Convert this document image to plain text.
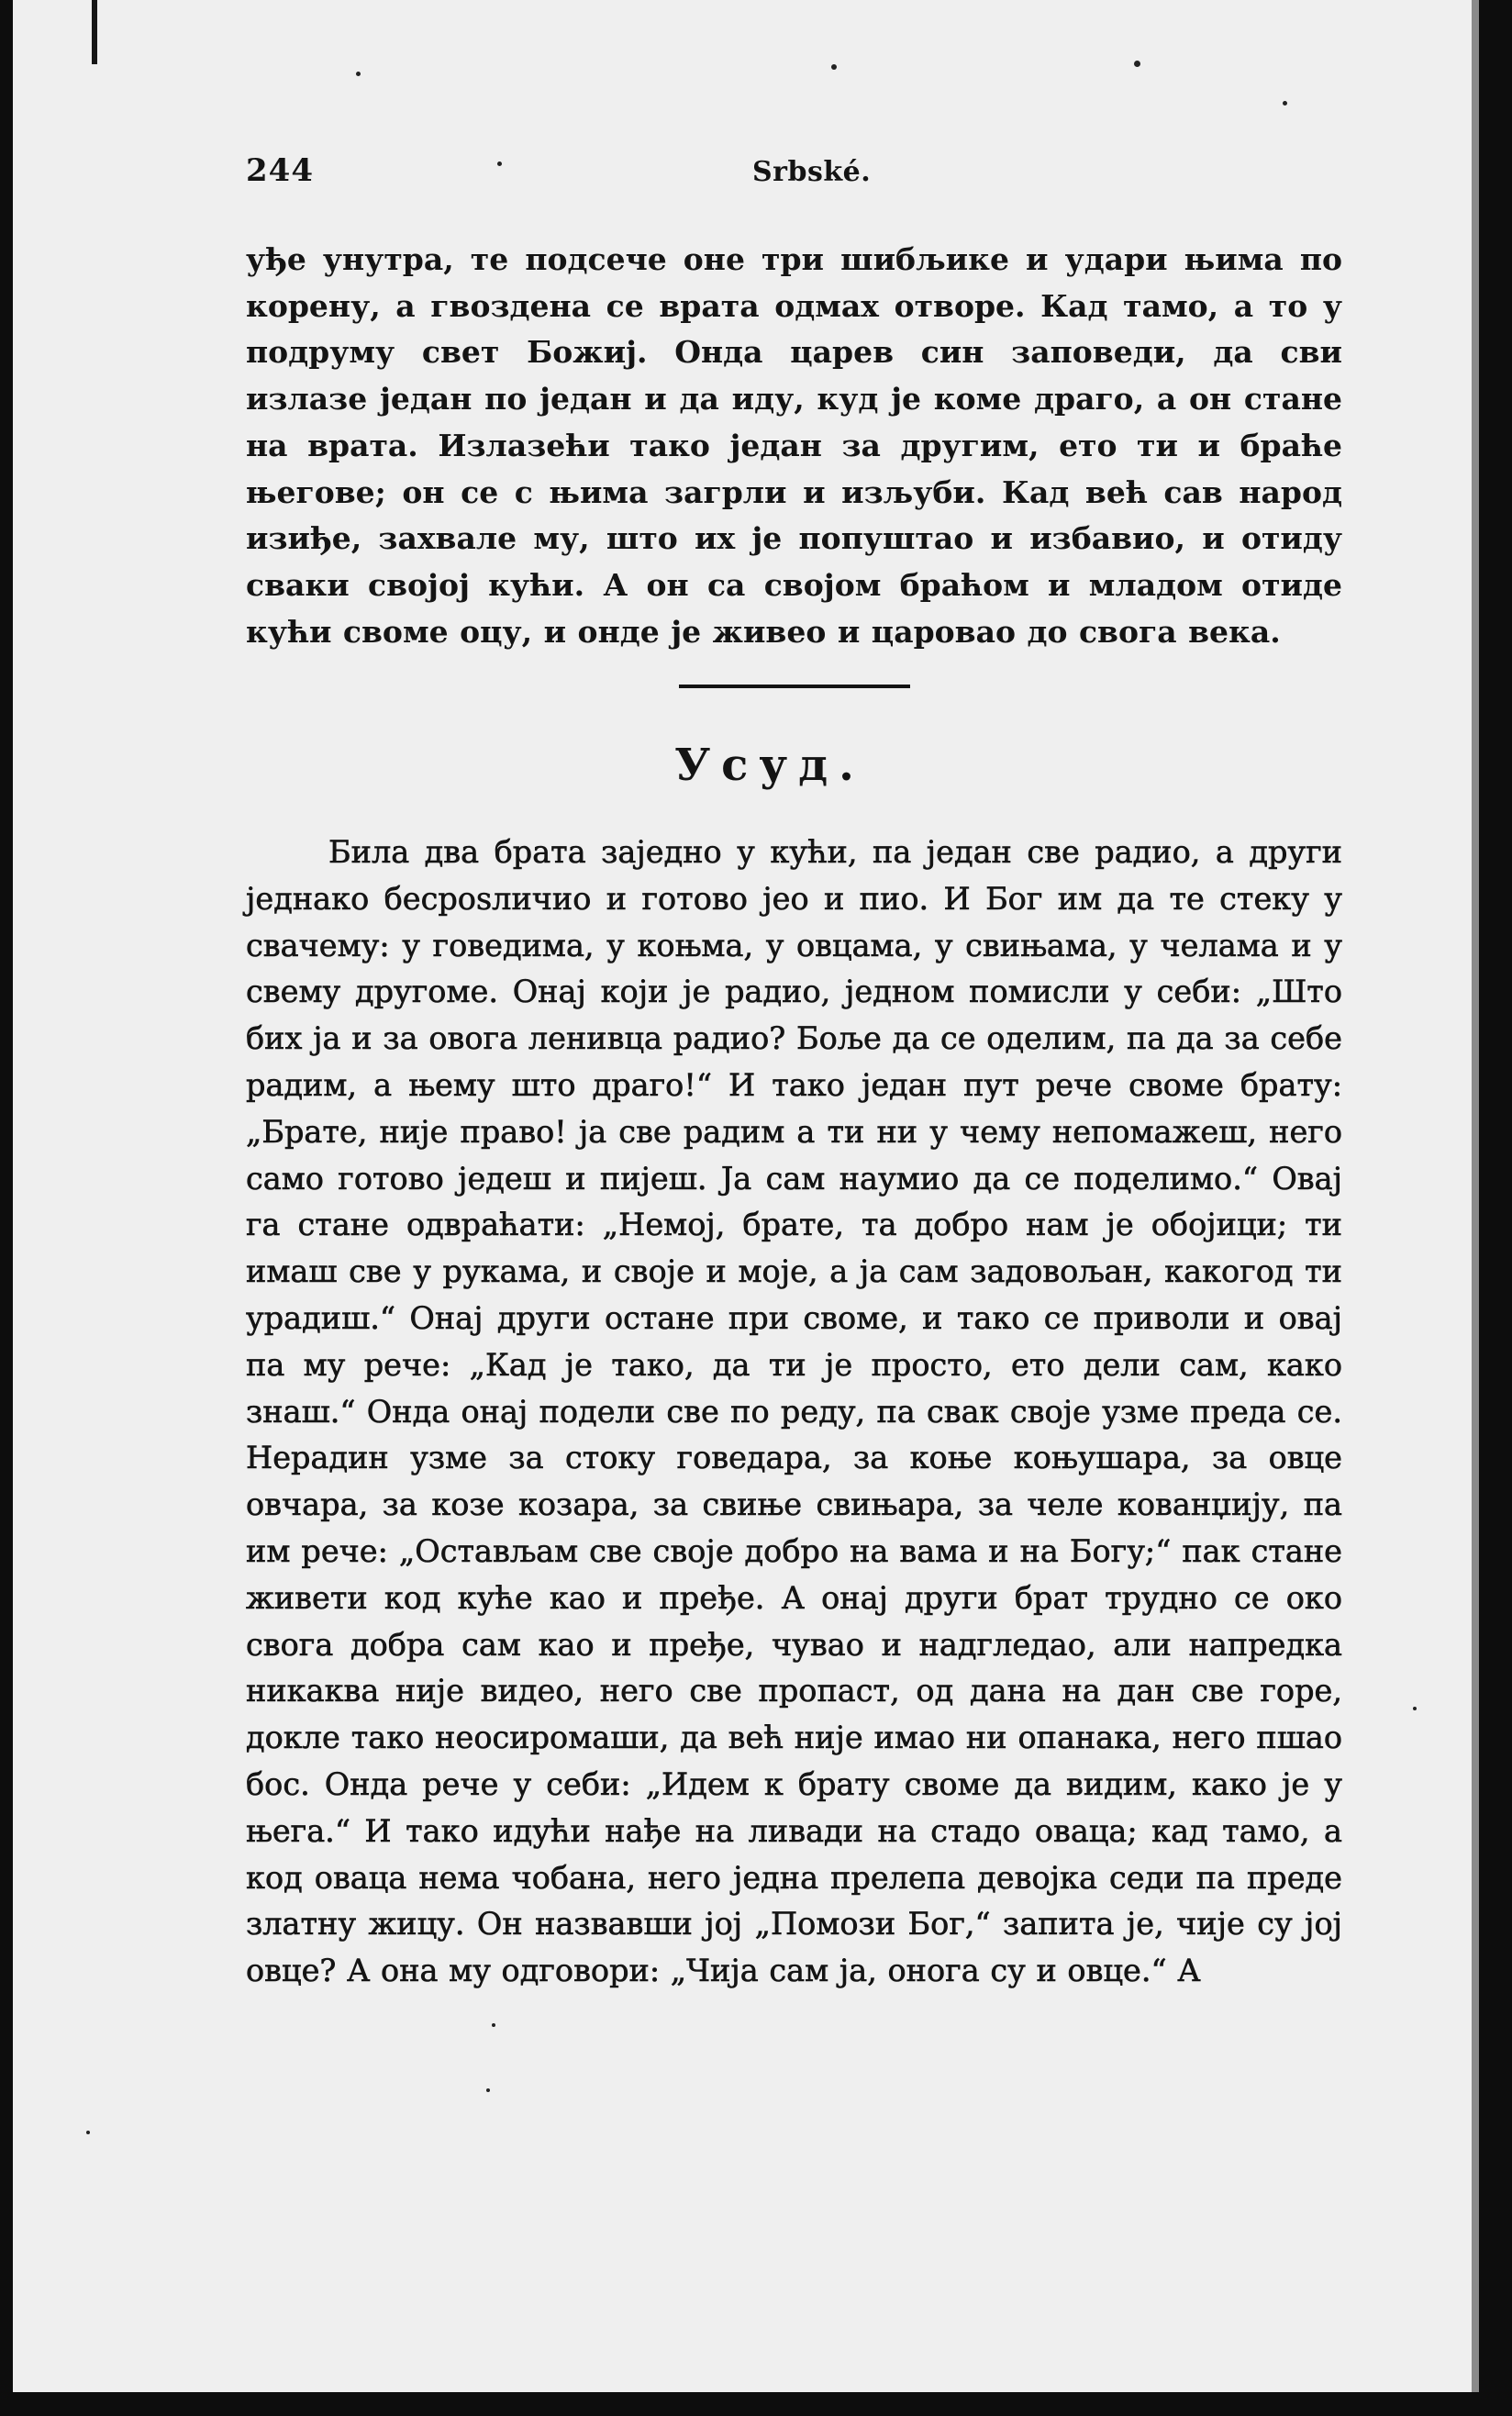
244	Srbské.

уђе унутра, те подсече оне три шибљике и удари њима по корену, а гвоздена се врата одмах отворе. Кад тамо, а то у подруму свет Божиј. Онда царев син заповеди, да сви излазе један по један и да иду, куд је коме драго, а он стане на врата. Излазећи тако један за другим, ето ти и браће његове; он се с њима загрли и изљуби. Кад већ сав народ изиђе, захвале му, што их је попуштао и избавио, и отиду сваки својој кући. А он са својом браћом и младом отиде кући своме оцу, и онде је живео и царовао до свога века.

Усуд.

Била два брата заједно у кући, па један све радио, а други једнако бесposличио и готово јео и пио. И Бог им да те стеку у свачему: у говедима, у коњма, у овцама, у свињама, у челама и у свему другоме. Онај који је радио, једном помисли у себи: „Што бих ја и за овога ленивца радио? Боље да се оделим, па да за себе радим, а њему што драго!“ И тако један пут рече своме брату: „Брате, није право! ја све радим а ти ни у чему непомажеш, него само готово једеш и пијеш. Ја сам наумио да се поделимо.“ Овај га стане одвраћати: „Немој, брате, та добро нам је обојици; ти имаш све у рукама, и своје и моје, а ја сам задовољан, какогод ти урадиш.“ Онај други остане при своме, и тако се приволи и овај па му рече: „Кад је тако, да ти је просто, ето дели сам, како знаш.“ Онда онај подели све по реду, па свак своје узме преда се. Нерадин узме за стоку говедара, за коње коњушара, за овце овчара, за козе козара, за свиње свињара, за челе кованџију, па им рече: „Остављам све своје добро на вама и на Богу;“ пак стане живети код куће као и пређе. А онај други брат трудно се око свога добра сам као и пређе, чувао и надгледао, али напредка никаква није видео, него све пропаст, од дана на дан све горе, докле тако неосиромаши, да већ није имао ни опанака, него пшао бос. Онда рече у себи: „Идем к брату своме да видим, како је у њега.“ И тако идући нађе на ливади на стадо оваца; кад тамо, а код оваца нема чобана, него једна прелепа девојка седи па преде златну жицу. Он назвавши јој „Помози Бог,“ запита је, чије су јој овце? А она му одговори: „Чија сам ја, онога су и овце.“ А
